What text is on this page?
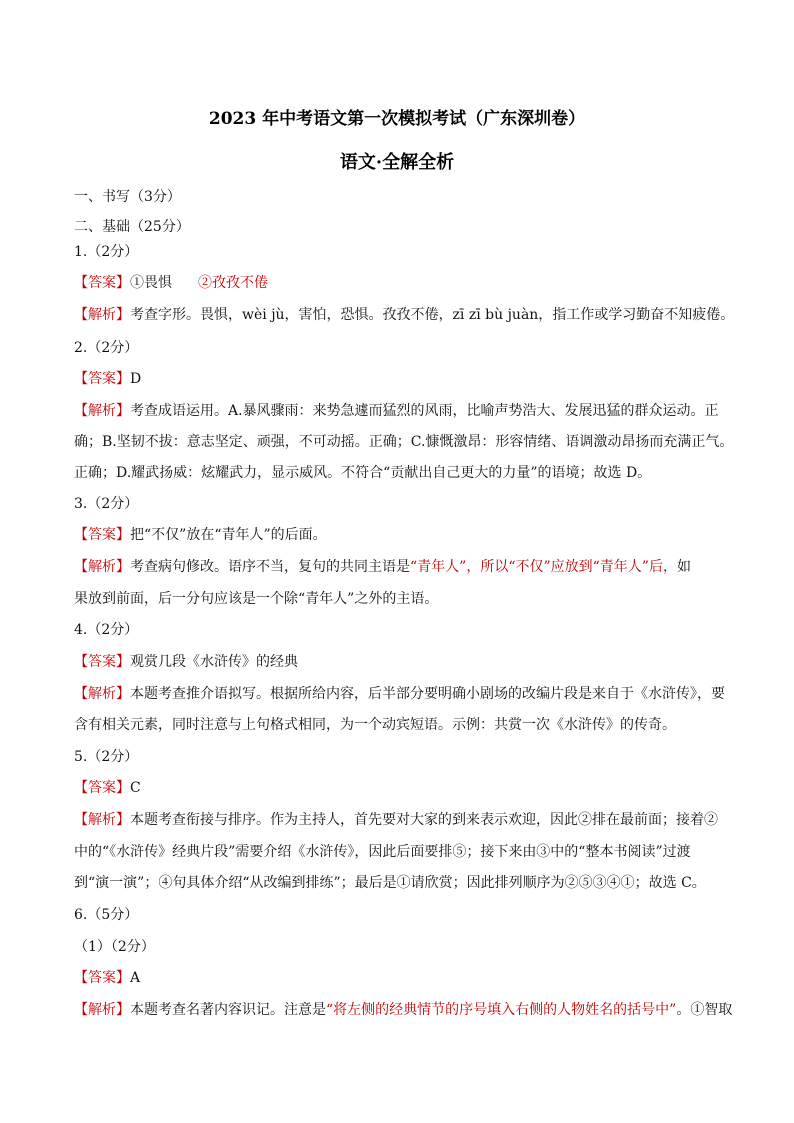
2023 年中考语文第一次模拟考试（广东深圳卷）
语文·全解全析
一、书写（3分）
二、基础（25分）
1.（2分）
【答案】①畏惧 ②孜孜不倦
【解析】考查字形。畏惧，wèi jù，害怕，恐惧。孜孜不倦，zī zī bù juàn，指工作或学习勤奋不知疲倦。
2.（2分）
【答案】D
【解析】考查成语运用。A.暴风骤雨：来势急遽而猛烈的风雨，比喻声势浩大、发展迅猛的群众运动。正
确；B.坚韧不拔：意志坚定、顽强，不可动摇。正确；C.慷慨激昂：形容情绪、语调激动昂扬而充满正气。
正确；D.耀武扬威：炫耀武力，显示威风。不符合“贡献出自己更大的力量”的语境；故选 D。
3.（2分）
【答案】把“不仅”放在“青年人”的后面。
【解析】考查病句修改。语序不当，复句的共同主语是“青年人”，所以“不仅”应放到“青年人”后，如
果放到前面，后一分句应该是一个除“青年人”之外的主语。
4.（2分）
【答案】观赏几段《水浒传》的经典
【解析】本题考查推介语拟写。根据所给内容，后半部分要明确小剧场的改编片段是来自于《水浒传》，要
含有相关元素，同时注意与上句格式相同，为一个动宾短语。示例：共赏一次《水浒传》的传奇。
5.（2分）
【答案】C
【解析】本题考查衔接与排序。作为主持人，首先要对大家的到来表示欢迎，因此②排在最前面；接着②
中的“《水浒传》经典片段”需要介绍《水浒传》，因此后面要排⑤；接下来由③中的“整本书阅读”过渡
到“演一演”；④句具体介绍“从改编到排练”；最后是①请欣赏；因此排列顺序为②⑤③④①；故选 C。
6.（5分）
（1）（2分）
【答案】A
【解析】本题考查名著内容识记。注意是“将左侧的经典情节的序号填入右侧的人物姓名的括号中”。①智取
